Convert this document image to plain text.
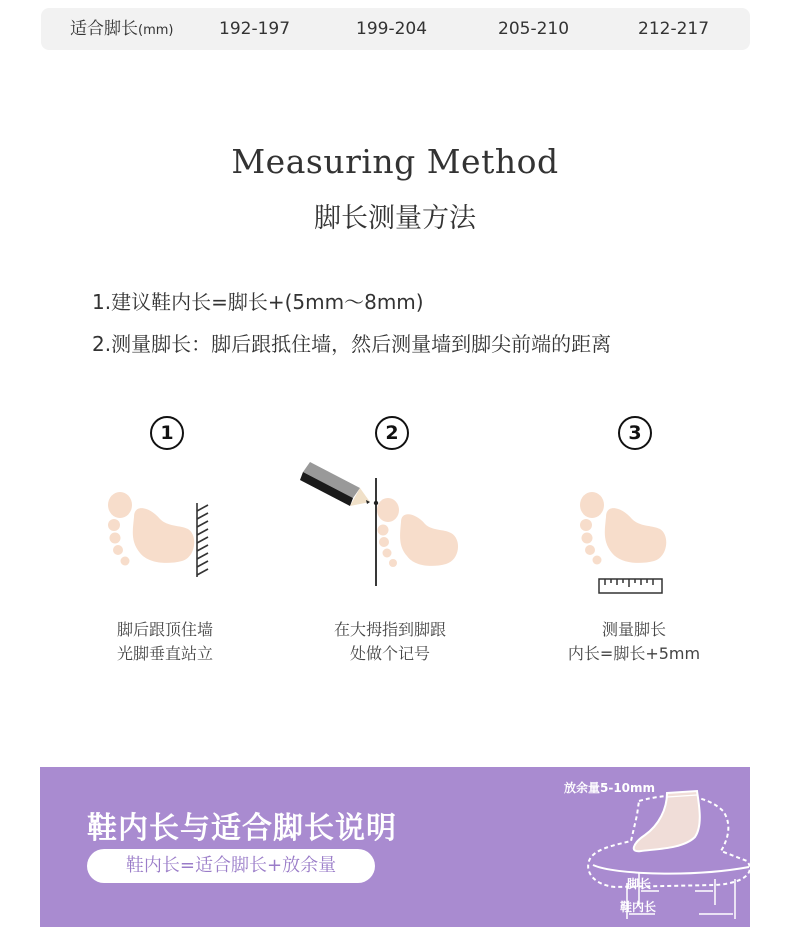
适合脚长(mm)	192-197	199-204	205-210	212-217
Measuring Method
脚长测量方法
1.建议鞋内长=脚长+(5mm～8mm)
2.测量脚长：脚后跟抵住墙，然后测量墙到脚尖前端的距离
1	2	3
脚后跟顶住墙
光脚垂直站立
在大拇指到脚跟
处做个记号
测量脚长
内长=脚长+5mm
鞋内长与适合脚长说明
鞋内长=适合脚长+放余量
放余量5-10mm
脚长
鞋内长
